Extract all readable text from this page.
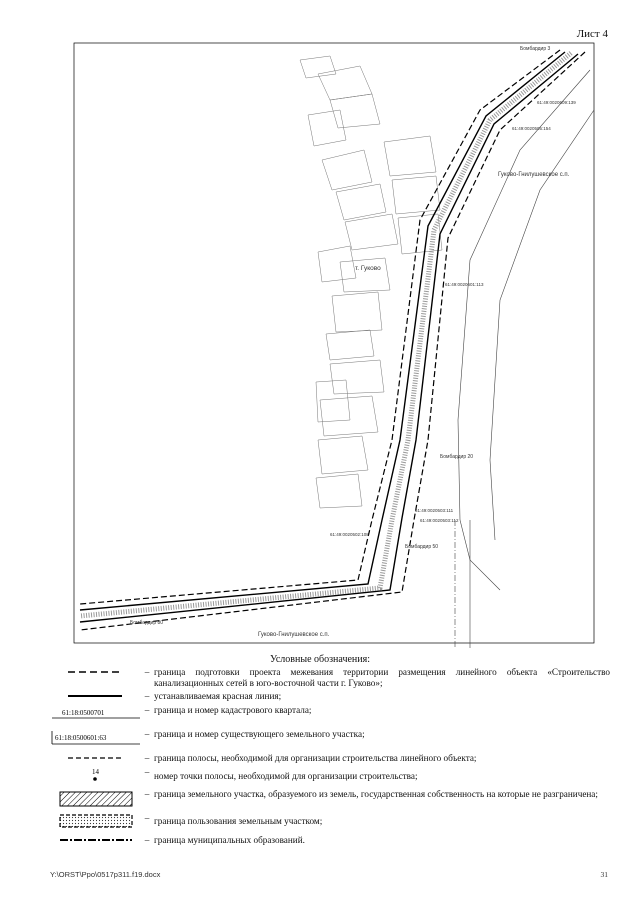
Лист 4
т. Гуково
Гуково-Гнилушевское с.п.
Гуково-Гнилушевское с.п.
Бомбардир 3
Бомбардир 20
Бомбардир 50
Бомбардир 80
61:49:0020609:139
61:49:0020505:154
61:49:0020503:111
61:49:0020503:112
61:49:0020502:108
61:49:0020601:113
Условные обозначения:
– граница подготовки проекта межевания территории размещения линейного объекта «Строительство канализационных сетей в юго-восточной части г. Гуково»;
– устанавливаемая красная линия;
61:18:0500701	– граница и номер кадастрового квартала;
61:18:0500601:63	– граница и номер существующего земельного участка;
– граница полосы, необходимой для организации строительства линейного объекта;
14	– номер точки полосы, необходимой для организации строительства;
– граница земельного участка, образуемого из земель, государственная собственность на которые не разграничена;
– граница пользования земельным участком;
– граница муниципальных образований.
Y:\ORST\Ppo\0517p311.f19.docx	31
